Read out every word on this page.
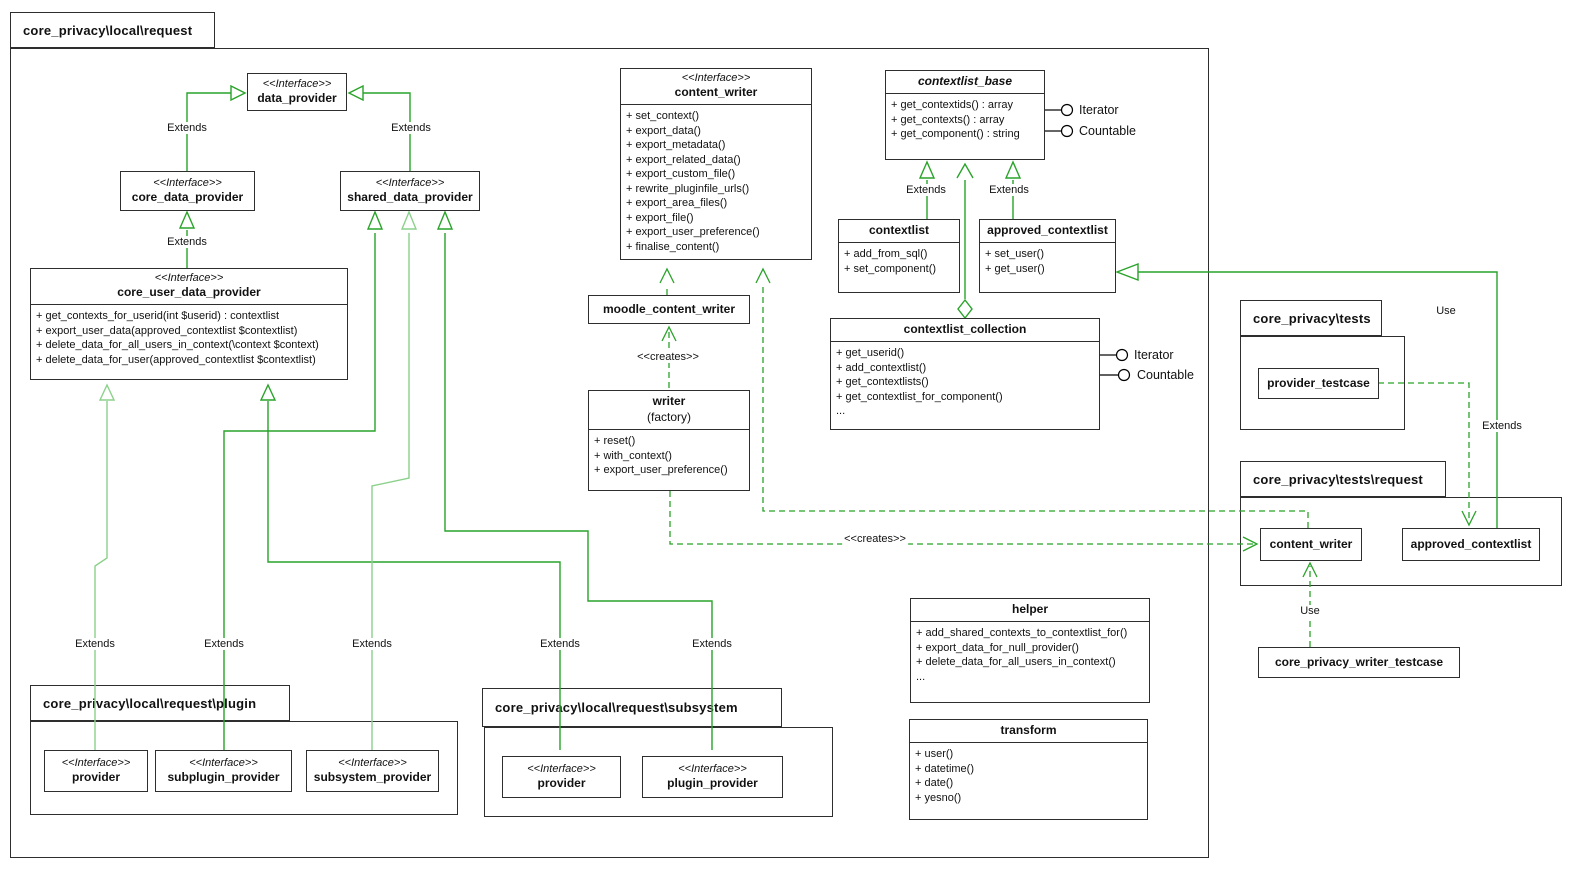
core_privacy\local\request
core_privacy\local\request\plugin	core_privacy\local\request\subsystem
core_privacy\tests
core_privacy\tests\request
<<Interface>>
data_provider
<<Interface>>
core_data_provider
<<Interface>>
shared_data_provider
<<Interface>>
core_user_data_provider
+ get_contexts_for_userid(int $userid) : contextlist
+ export_user_data(approved_contextlist $contextlist)
+ delete_data_for_all_users_in_context(\context $context)
+ delete_data_for_user(approved_contextlist $contextlist)
<<Interface>>
content_writer
+ set_context()
+ export_data()
+ export_metadata()
+ export_related_data()
+ export_custom_file()
+ rewrite_pluginfile_urls()
+ export_area_files()
+ export_file()
+ export_user_preference()
+ finalise_content()
moodle_content_writer
writer
(factory)
+ reset()
+ with_context()
+ export_user_preference()
contextlist_base
+ get_contextids() : array
+ get_contexts() : array
+ get_component() : string
contextlist
+ add_from_sql()
+ set_component()
approved_contextlist
+ set_user()
+ get_user()
contextlist_collection
+ get_userid()
+ add_contextlist()
+ get_contextlists()
+ get_contextlist_for_component()
...
helper
+ add_shared_contexts_to_contextlist_for()
+ export_data_for_null_provider()
+ delete_data_for_all_users_in_context()
...
transform
+ user()
+ datetime()
+ date()
+ yesno()
<<Interface>>
provider
<<Interface>>
subplugin_provider
<<Interface>>
subsystem_provider
<<Interface>>
provider
<<Interface>>
plugin_provider
provider_testcase
content_writer	approved_contextlist
core_privacy_writer_testcase
Extends	Extends
Extends
Extends	Extends
Extends	Extends	Extends	Extends	Extends
Extends
Use
Use
<<creates>>
<<creates>>
Iterator
Countable
Iterator
Countable
